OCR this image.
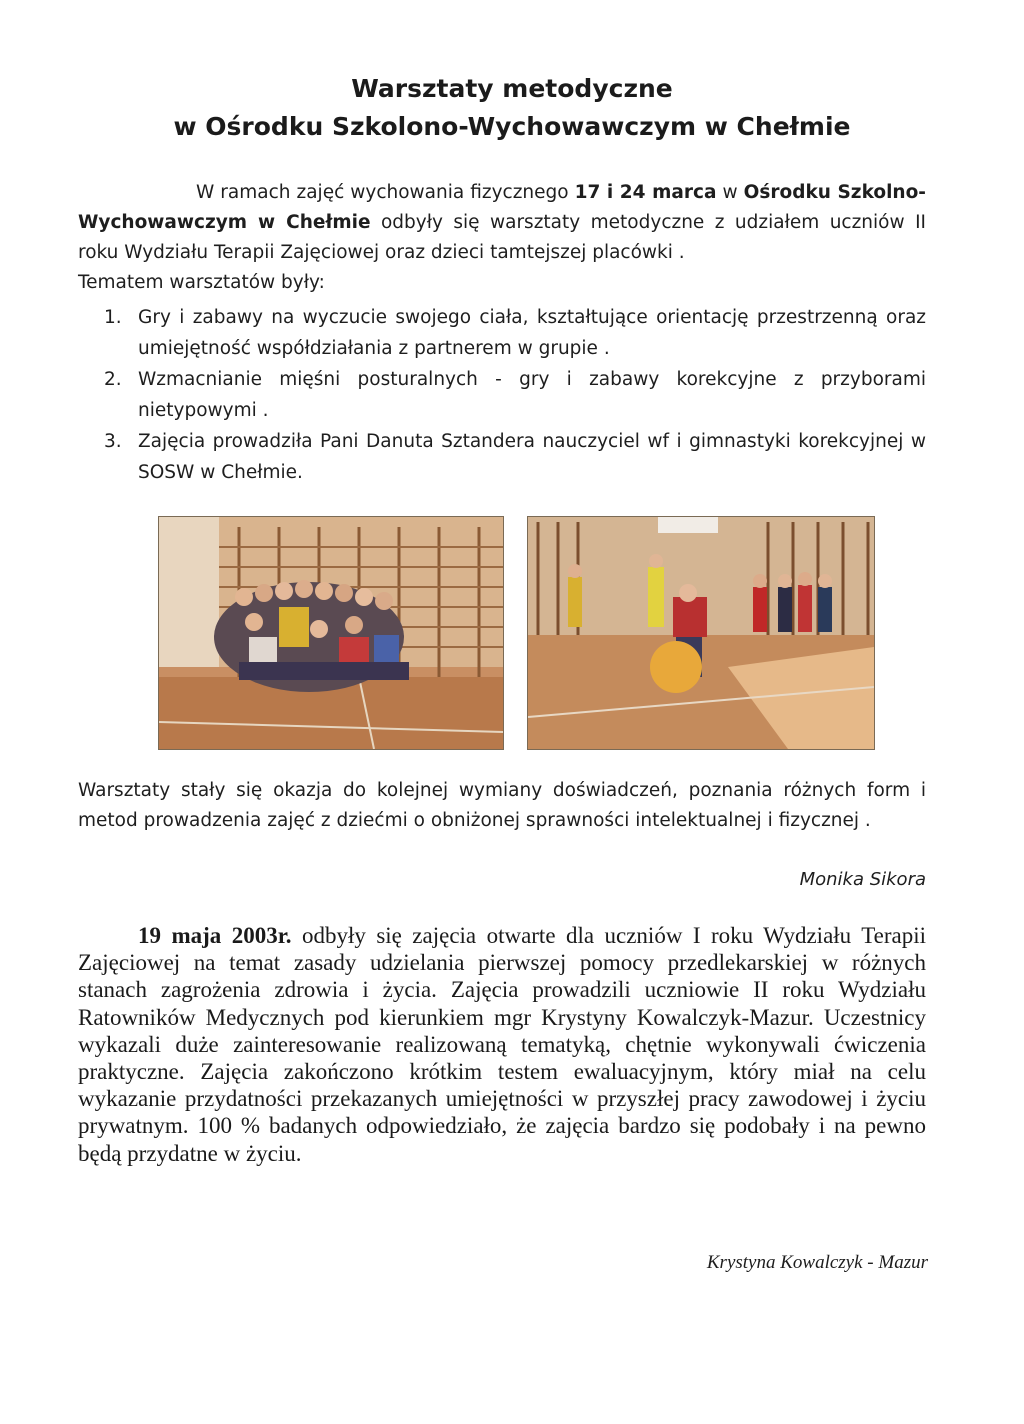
Warsztaty metodyczne
w Ośrodku Szkolono-Wychowawczym w Chełmie
W ramach zajęć wychowania fizycznego 17 i 24 marca w Ośrodku Szkolno- Wychowawczym w Chełmie odbyły się warsztaty metodyczne z udziałem uczniów II roku Wydziału Terapii Zajęciowej oraz dzieci tamtejszej placówki .
Tematem warsztatów były:
1. Gry i zabawy na wyczucie swojego ciała, kształtujące orientację przestrzenną oraz umiejętność współdziałania z partnerem w grupie .
2. Wzmacnianie mięśni posturalnych - gry i zabawy korekcyjne z przyborami nietypowymi .
3. Zajęcia prowadziła Pani Danuta Sztandera nauczyciel wf i gimnastyki korekcyjnej w SOSW w Chełmie.
Warsztaty stały się okazja do kolejnej wymiany doświadczeń, poznania różnych form i metod prowadzenia zajęć z dziećmi o obniżonej sprawności intelektualnej i fizycznej .
Monika Sikora
19 maja 2003r. odbyły się zajęcia otwarte dla uczniów I roku Wydziału Terapii Zajęciowej na temat zasady udzielania pierwszej pomocy przedlekarskiej w różnych stanach zagrożenia zdrowia i życia. Zajęcia prowadzili uczniowie II roku Wydziału Ratowników Medycznych pod kierunkiem mgr Krystyny Kowalczyk-Mazur. Uczestnicy wykazali duże zainteresowanie realizowaną tematyką, chętnie wykonywali ćwiczenia praktyczne. Zajęcia zakończono krótkim testem ewaluacyjnym, który miał na celu wykazanie przydatności przekazanych umiejętności w przyszłej pracy zawodowej i życiu prywatnym. 100 % badanych odpowiedziało, że zajęcia bardzo się podobały i na pewno będą przydatne w życiu.
Krystyna Kowalczyk - Mazur
